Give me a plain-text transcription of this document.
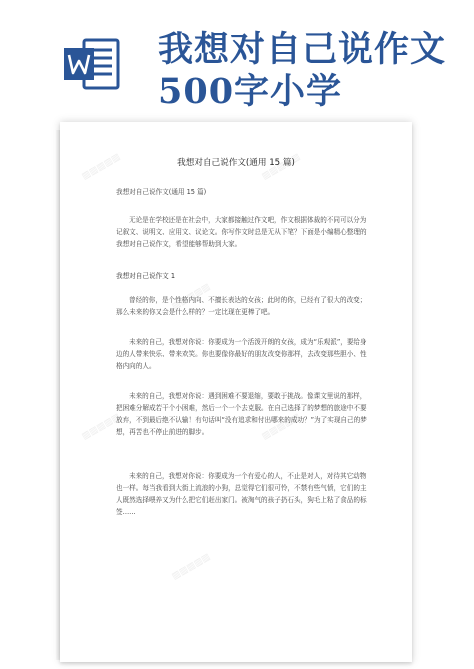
我想对自己说作文
500字小学
我想对自己说作文(通用 15 篇)

我想对自己说作文(通用 15 篇)

无论是在学校还是在社会中，大家都接触过作文吧，作文根据体裁的不同可以分为记叙文、说明文、应用文、议论文。你写作文时总是无从下笔？下面是小编精心整理的我想对自己说作文，希望能够帮助到大家。

我想对自己说作文 1

曾经的你，是个性格内向、不擅长表达的女孩；此时的你，已经有了很大的改变；那么未来的你又会是什么样的？一定比现在更棒了吧。

未来的自己，我想对你说：你要成为一个活泼开朗的女孩，成为“乐观派”，要给身边的人带来快乐、带来欢笑。你也要像你最好的朋友改变你那样，去改变那些胆小、性格内向的人。

未来的自己，我想对你说：遇到困难不要退缩，要敢于挑战。像课文里说的那样，把困难分解成若干个小困难，然后一个一个去克服。在自己选择了的梦想的旅途中不要放弃，不到最后绝不认输！有句话叫“没有追求和付出哪来的成功？”为了实现自己的梦想，再苦也不停止前进的脚步。

未来的自己，我想对你说：你要成为一个有爱心的人，不止是对人，对待其它动物也一样。每当我看到大街上流浪的小狗，总觉得它们很可怜，不禁有些气愤，它们的主人既然选择喂养又为什么把它们赶出家门。被淘气的孩子扔石头，狗毛上粘了食品的标签……

▥▥▥▥▥	▥▥▥▥▥
▥▥▥▥▥
▥▥▥▥▥	▥▥▥▥▥
▥▥▥▥▥
